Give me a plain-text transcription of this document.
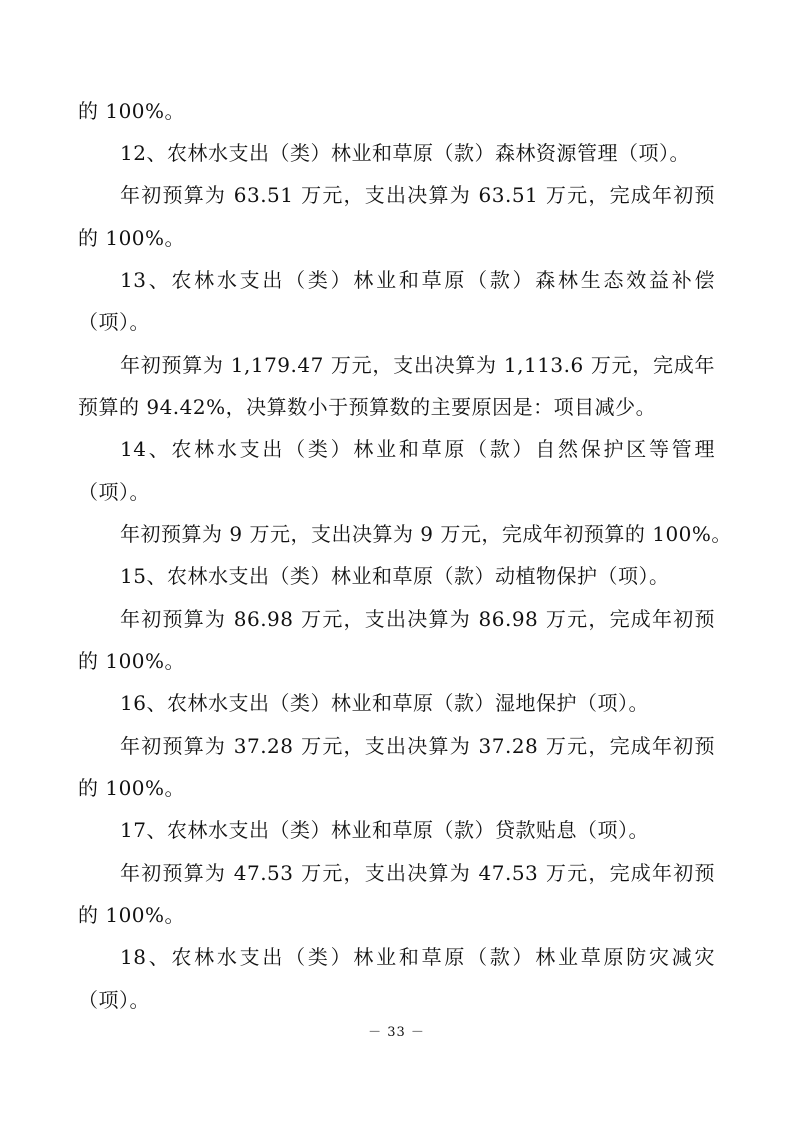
的 100%。
12、农林水支出（类）林业和草原（款）森林资源管理（项）。
年初预算为 63.51 万元，支出决算为 63.51 万元，完成年初预
的 100%。
13、农林水支出（类）林业和草原（款）森林生态效益补偿
（项）。
年初预算为 1,179.47 万元，支出决算为 1,113.6 万元，完成年
预算的 94.42%，决算数小于预算数的主要原因是：项目减少。
14、农林水支出（类）林业和草原（款）自然保护区等管理
（项）。
年初预算为 9 万元，支出决算为 9 万元，完成年初预算的 100%。
15、农林水支出（类）林业和草原（款）动植物保护（项）。
年初预算为 86.98 万元，支出决算为 86.98 万元，完成年初预
的 100%。
16、农林水支出（类）林业和草原（款）湿地保护（项）。
年初预算为 37.28 万元，支出决算为 37.28 万元，完成年初预
的 100%。
17、农林水支出（类）林业和草原（款）贷款贴息（项）。
年初预算为 47.53 万元，支出决算为 47.53 万元，完成年初预
的 100%。
18、农林水支出（类）林业和草原（款）林业草原防灾减灾
（项）。
－ 33 －
